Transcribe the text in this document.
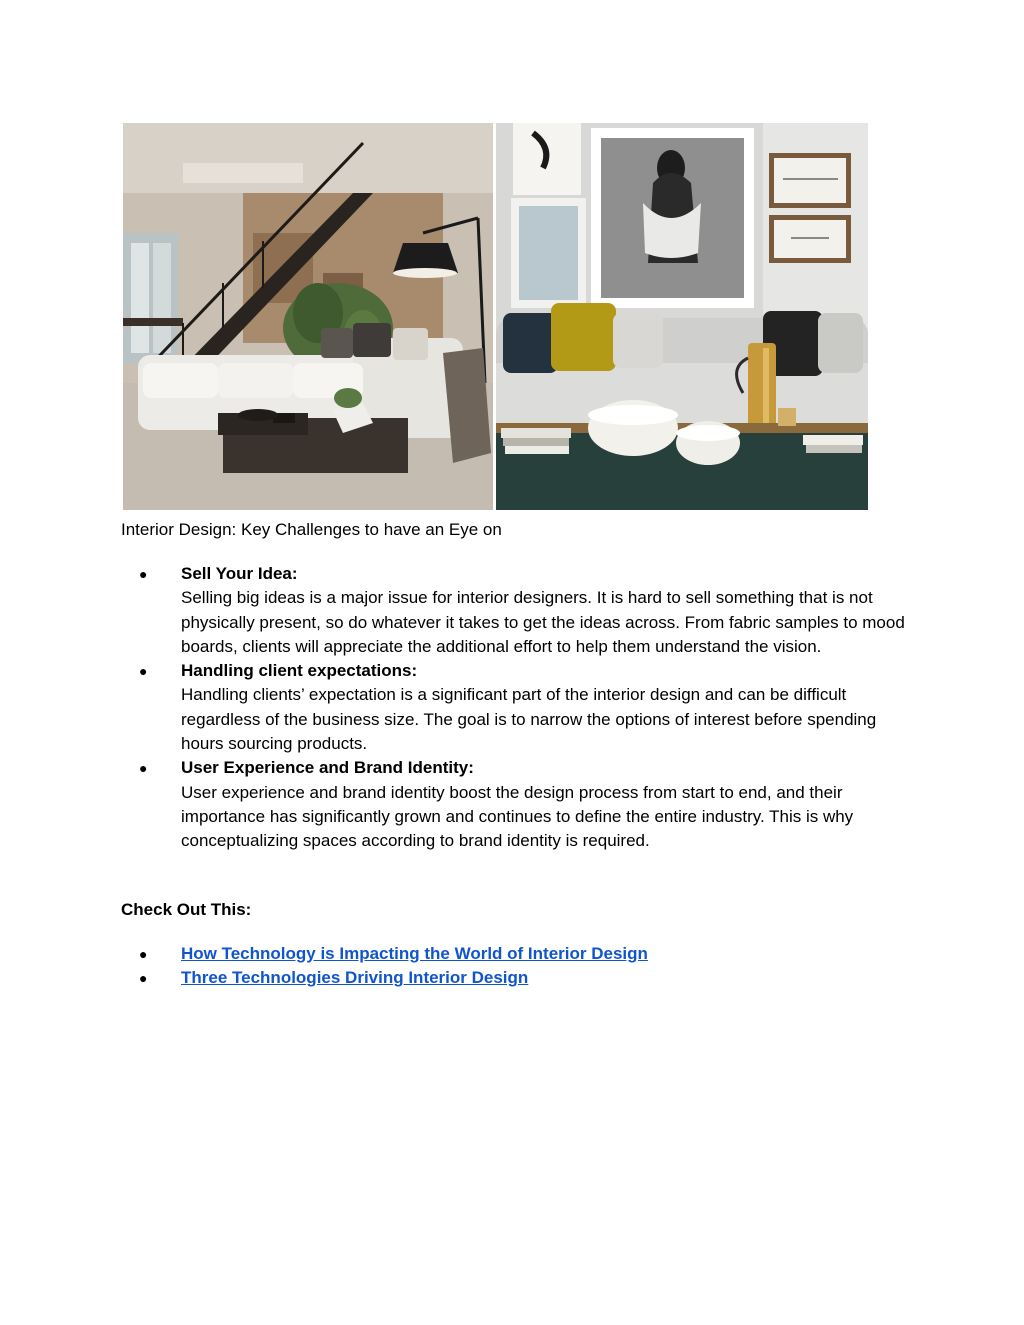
Interior Design: Key Challenges to have an Eye on
● Sell Your Idea:
Selling big ideas is a major issue for interior designers. It is hard to sell something that is not physically present, so do whatever it takes to get the ideas across. From fabric samples to mood boards, clients will appreciate the additional effort to help them understand the vision.
● Handling client expectations:
Handling clients’ expectation is a significant part of the interior design and can be difficult regardless of the business size. The goal is to narrow the options of interest before spending hours sourcing products.
● User Experience and Brand Identity:
User experience and brand identity boost the design process from start to end, and their importance has significantly grown and continues to define the entire industry. This is why conceptualizing spaces according to brand identity is required.
Check Out This:
● How Technology is Impacting the World of Interior Design
● Three Technologies Driving Interior Design
